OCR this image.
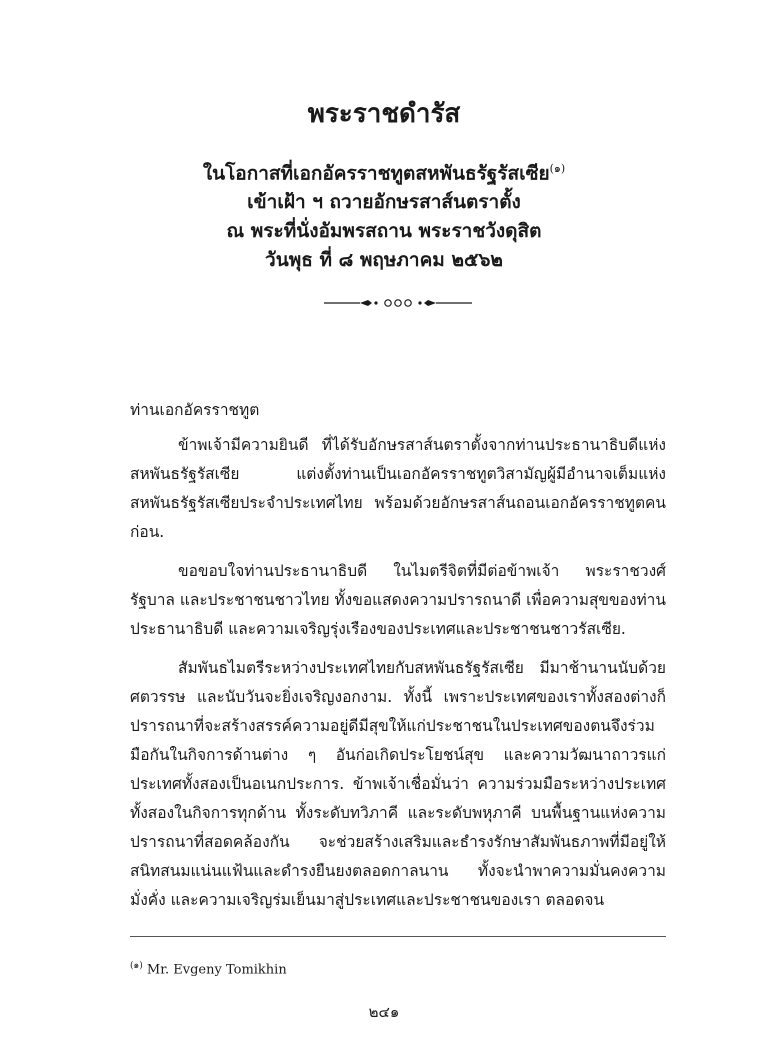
พระราชดำรัส
ในโอกาสที่เอกอัครราชทูตสหพันธรัฐรัสเซีย$^{(๑)}$
เข้าเฝ้า ฯ ถวายอักษรสาส์นตราตั้ง
ณ พระที่นั่งอัมพรสถาน พระราชวังดุสิต
วันพุธ ที่ ๘ พฤษภาคม ๒๕๖๒

ท่านเอกอัครราชทูต

ข้าพเจ้ามีความยินดี ที่ได้รับอักษรสาส์นตราตั้งจากท่านประธานาธิบดีแห่งสหพันธรัฐรัสเซีย แต่งตั้งท่านเป็นเอกอัครราชทูตวิสามัญผู้มีอำนาจเต็มแห่งสหพันธรัฐรัสเซียประจำประเทศไทย พร้อมด้วยอักษรสาส์นถอนเอกอัครราชทูตคนก่อน.

ขอขอบใจท่านประธานาธิบดี ในไมตรีจิตที่มีต่อข้าพเจ้า พระราชวงศ์ รัฐบาล และประชาชนชาวไทย ทั้งขอแสดงความปรารถนาดี เพื่อความสุขของท่านประธานาธิบดี และความเจริญรุ่งเรืองของประเทศและประชาชนชาวรัสเซีย.

สัมพันธไมตรีระหว่างประเทศไทยกับสหพันธรัฐรัสเซีย มีมาช้านานนับด้วยศตวรรษ และนับวันจะยิ่งเจริญงอกงาม. ทั้งนี้ เพราะประเทศของเราทั้งสองต่างก็ปรารถนาที่จะสร้างสรรค์ความอยู่ดีมีสุขให้แก่ประชาชนในประเทศของตนจึงร่วมมือกันในกิจการด้านต่าง ๆ อันก่อเกิดประโยชน์สุข และความวัฒนาถาวรแก่ประเทศทั้งสองเป็นอเนกประการ. ข้าพเจ้าเชื่อมั่นว่า ความร่วมมือระหว่างประเทศทั้งสองในกิจการทุกด้าน ทั้งระดับทวิภาคี และระดับพหุภาคี บนพื้นฐานแห่งความปรารถนาที่สอดคล้องกัน จะช่วยสร้างเสริมและธำรงรักษาสัมพันธภาพที่มีอยู่ให้สนิทสนมแน่นแฟ้นและดำรงยืนยงตลอดกาลนาน ทั้งจะนำพาความมั่นคงความมั่งคั่ง และความเจริญร่มเย็นมาสู่ประเทศและประชาชนของเรา ตลอดจน

$^{(๑)}$ Mr. Evgeny Tomikhin
๒๔๑
